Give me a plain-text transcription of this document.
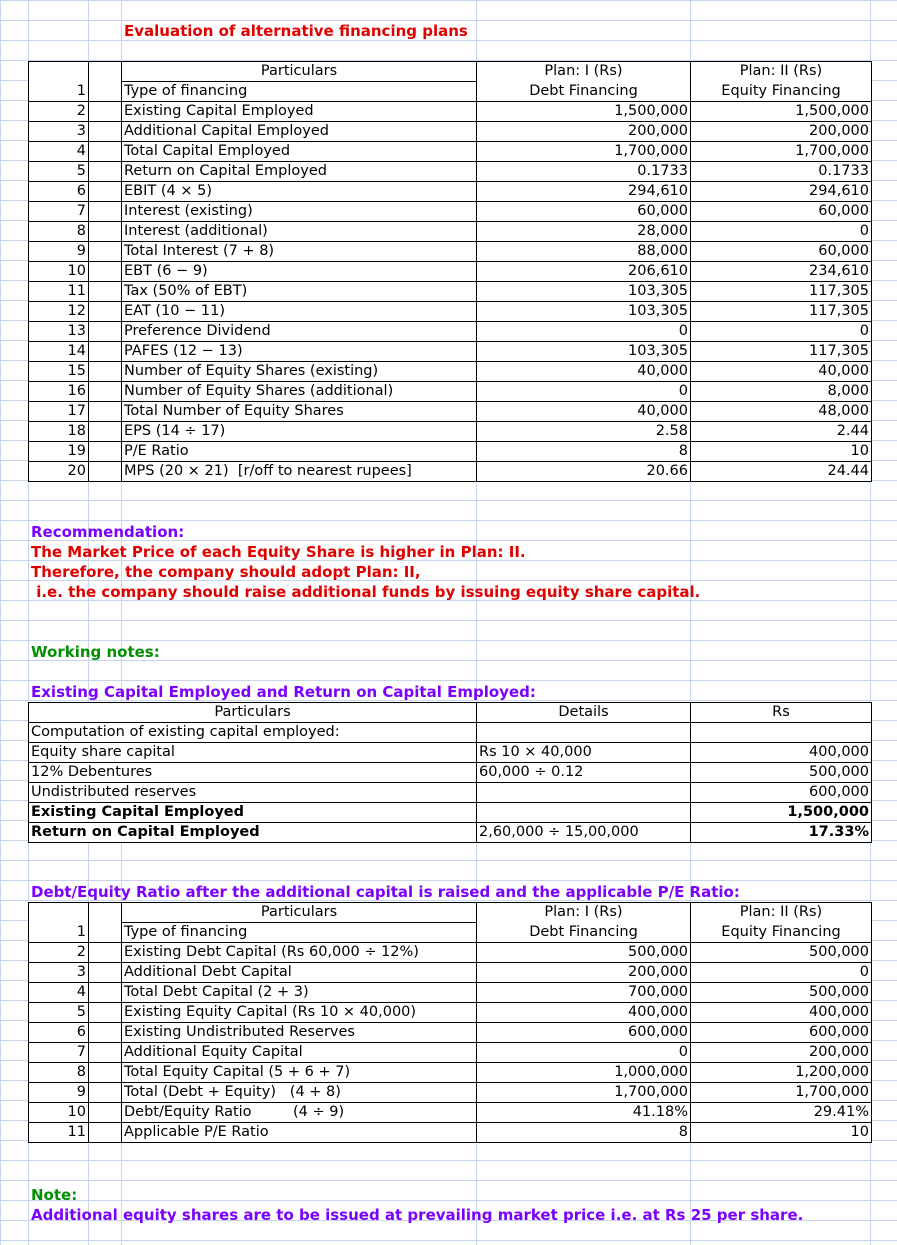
Evaluation of alternative financing plans
		Particulars	Plan: I (Rs)	Plan: II (Rs)
1		Type of financing	Debt Financing	Equity Financing
2		Existing Capital Employed	1,500,000	1,500,000
3		Additional Capital Employed	200,000	200,000
4		Total Capital Employed	1,700,000	1,700,000
5		Return on Capital Employed	0.1733	0.1733
6		EBIT (4 × 5)	294,610	294,610
7		Interest (existing)	60,000	60,000
8		Interest (additional)	28,000	0
9		Total Interest (7 + 8)	88,000	60,000
10		EBT (6 − 9)	206,610	234,610
11		Tax (50% of EBT)	103,305	117,305
12		EAT (10 − 11)	103,305	117,305
13		Preference Dividend	0	0
14		PAFES (12 − 13)	103,305	117,305
15		Number of Equity Shares (existing)	40,000	40,000
16		Number of Equity Shares (additional)	0	8,000
17		Total Number of Equity Shares	40,000	48,000
18		EPS (14 ÷ 17)	2.58	2.44
19		P/E Ratio	8	10
20		MPS (20 × 21)  [r/off to nearest rupees]	20.66	24.44
Recommendation:
The Market Price of each Equity Share is higher in Plan: II.
Therefore, the company should adopt Plan: II,
i.e. the company should raise additional funds by issuing equity share capital.
Working notes:
Existing Capital Employed and Return on Capital Employed:
Particulars	Details	Rs
Computation of existing capital employed:		
Equity share capital	Rs 10 × 40,000	400,000
12% Debentures	60,000 ÷ 0.12	500,000
Undistributed reserves		600,000
Existing Capital Employed		1,500,000
Return on Capital Employed	2,60,000 ÷ 15,00,000	17.33%
Debt/Equity Ratio after the additional capital is raised and the applicable P/E Ratio:
		Particulars	Plan: I (Rs)	Plan: II (Rs)
1		Type of financing	Debt Financing	Equity Financing
2		Existing Debt Capital (Rs 60,000 ÷ 12%)	500,000	500,000
3		Additional Debt Capital	200,000	0
4		Total Debt Capital (2 + 3)	700,000	500,000
5		Existing Equity Capital (Rs 10 × 40,000)	400,000	400,000
6		Existing Undistributed Reserves	600,000	600,000
7		Additional Equity Capital	0	200,000
8		Total Equity Capital (5 + 6 + 7)	1,000,000	1,200,000
9		Total (Debt + Equity)   (4 + 8)	1,700,000	1,700,000
10		Debt/Equity Ratio         (4 ÷ 9)	41.18%	29.41%
11		Applicable P/E Ratio	8	10
Note:
Additional equity shares are to be issued at prevailing market price i.e. at Rs 25 per share.
